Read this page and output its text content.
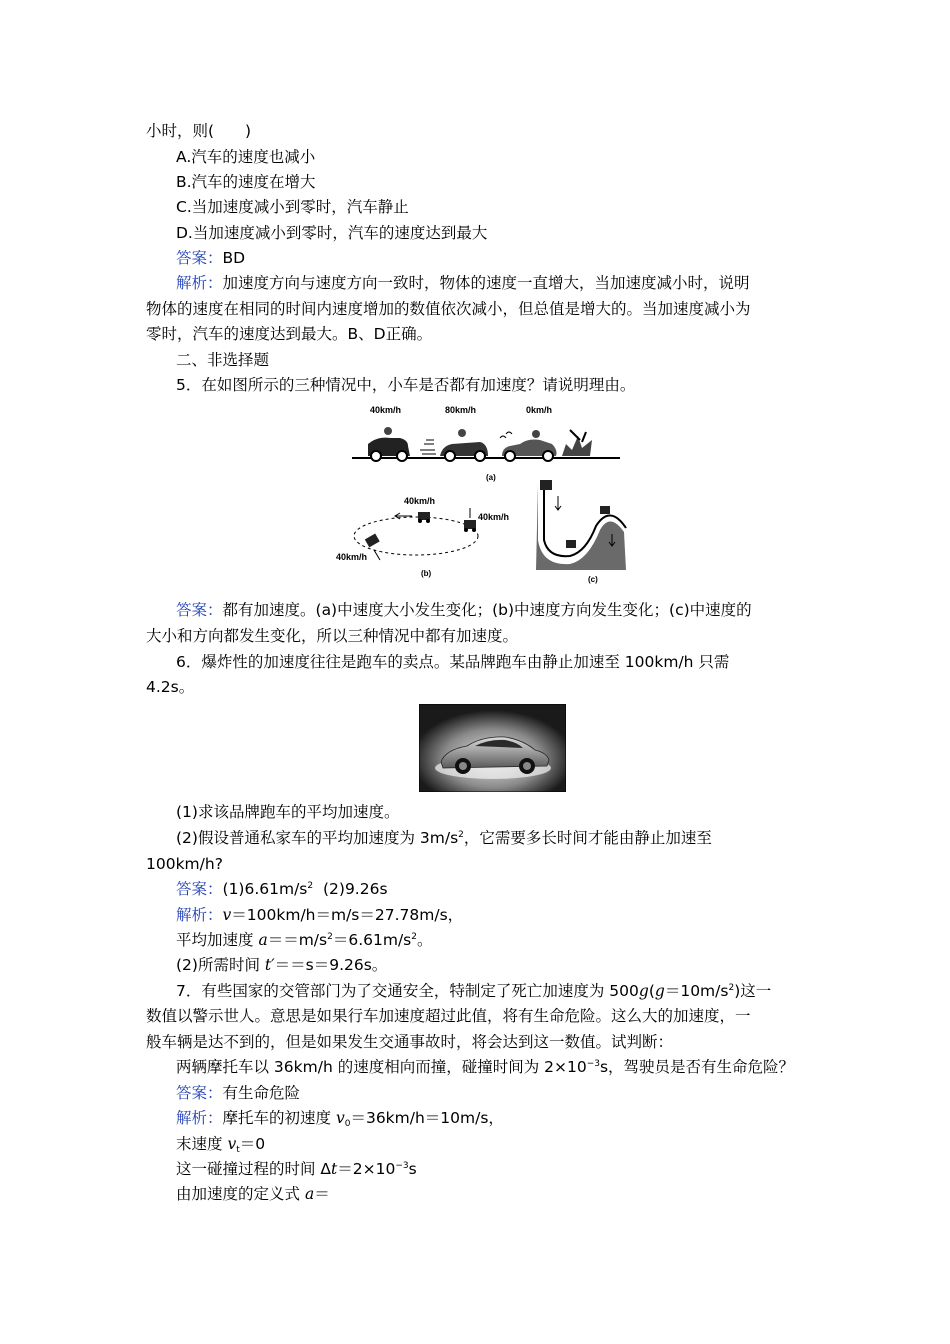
小时，则(　　)
A.汽车的速度也减小
B.汽车的速度在增大
C.当加速度减小到零时，汽车静止
D.当加速度减小到零时，汽车的速度达到最大
答案：BD
解析：加速度方向与速度方向一致时，物体的速度一直增大，当加速度减小时，说明
物体的速度在相同的时间内速度增加的数值依次减小，但总值是增大的。当加速度减小为
零时，汽车的速度达到最大。B、D正确。
二、非选择题
5．在如图所示的三种情况中，小车是否都有加速度？请说明理由。
40km/h	80km/h	0km/h
(a)
40km/h
40km/h
40km/h
(b)
(c)
答案：都有加速度。(a)中速度大小发生变化；(b)中速度方向发生变化；(c)中速度的
大小和方向都发生变化，所以三种情况中都有加速度。
6．爆炸性的加速度往往是跑车的卖点。某品牌跑车由静止加速至 100km/h 只需
4.2s。
(1)求该品牌跑车的平均加速度。
(2)假设普通私家车的平均加速度为 $3m/s^2$，它需要多长时间才能由静止加速至
100km/h?
答案：$(1)6.61m/s^2$ (2)9.26s
解析：v＝100km/h＝m/s＝27.78m/s，
平均加速度 $a==m/s^2=6.61m/s^2$。
(2)所需时间 t′＝＝s＝9.26s。
7．有些国家的交管部门为了交通安全，特制定了死亡加速度为 $500g(g=10m/s^2)$这一
数值以警示世人。意思是如果行车加速度超过此值，将有生命危险。这么大的加速度，一
般车辆是达不到的，但是如果发生交通事故时，将会达到这一数值。试判断：
两辆摩托车以 36km/h 的速度相向而撞，碰撞时间为 $2\times 10^{-3}s$，驾驶员是否有生命危险？
答案：有生命危险
解析：摩托车的初速度 $v_0=36km/h=10m/s$，
末速度 $v_t=0$
这一碰撞过程的时间 $\Delta t=2\times 10^{-3}s$
由加速度的定义式 a＝
